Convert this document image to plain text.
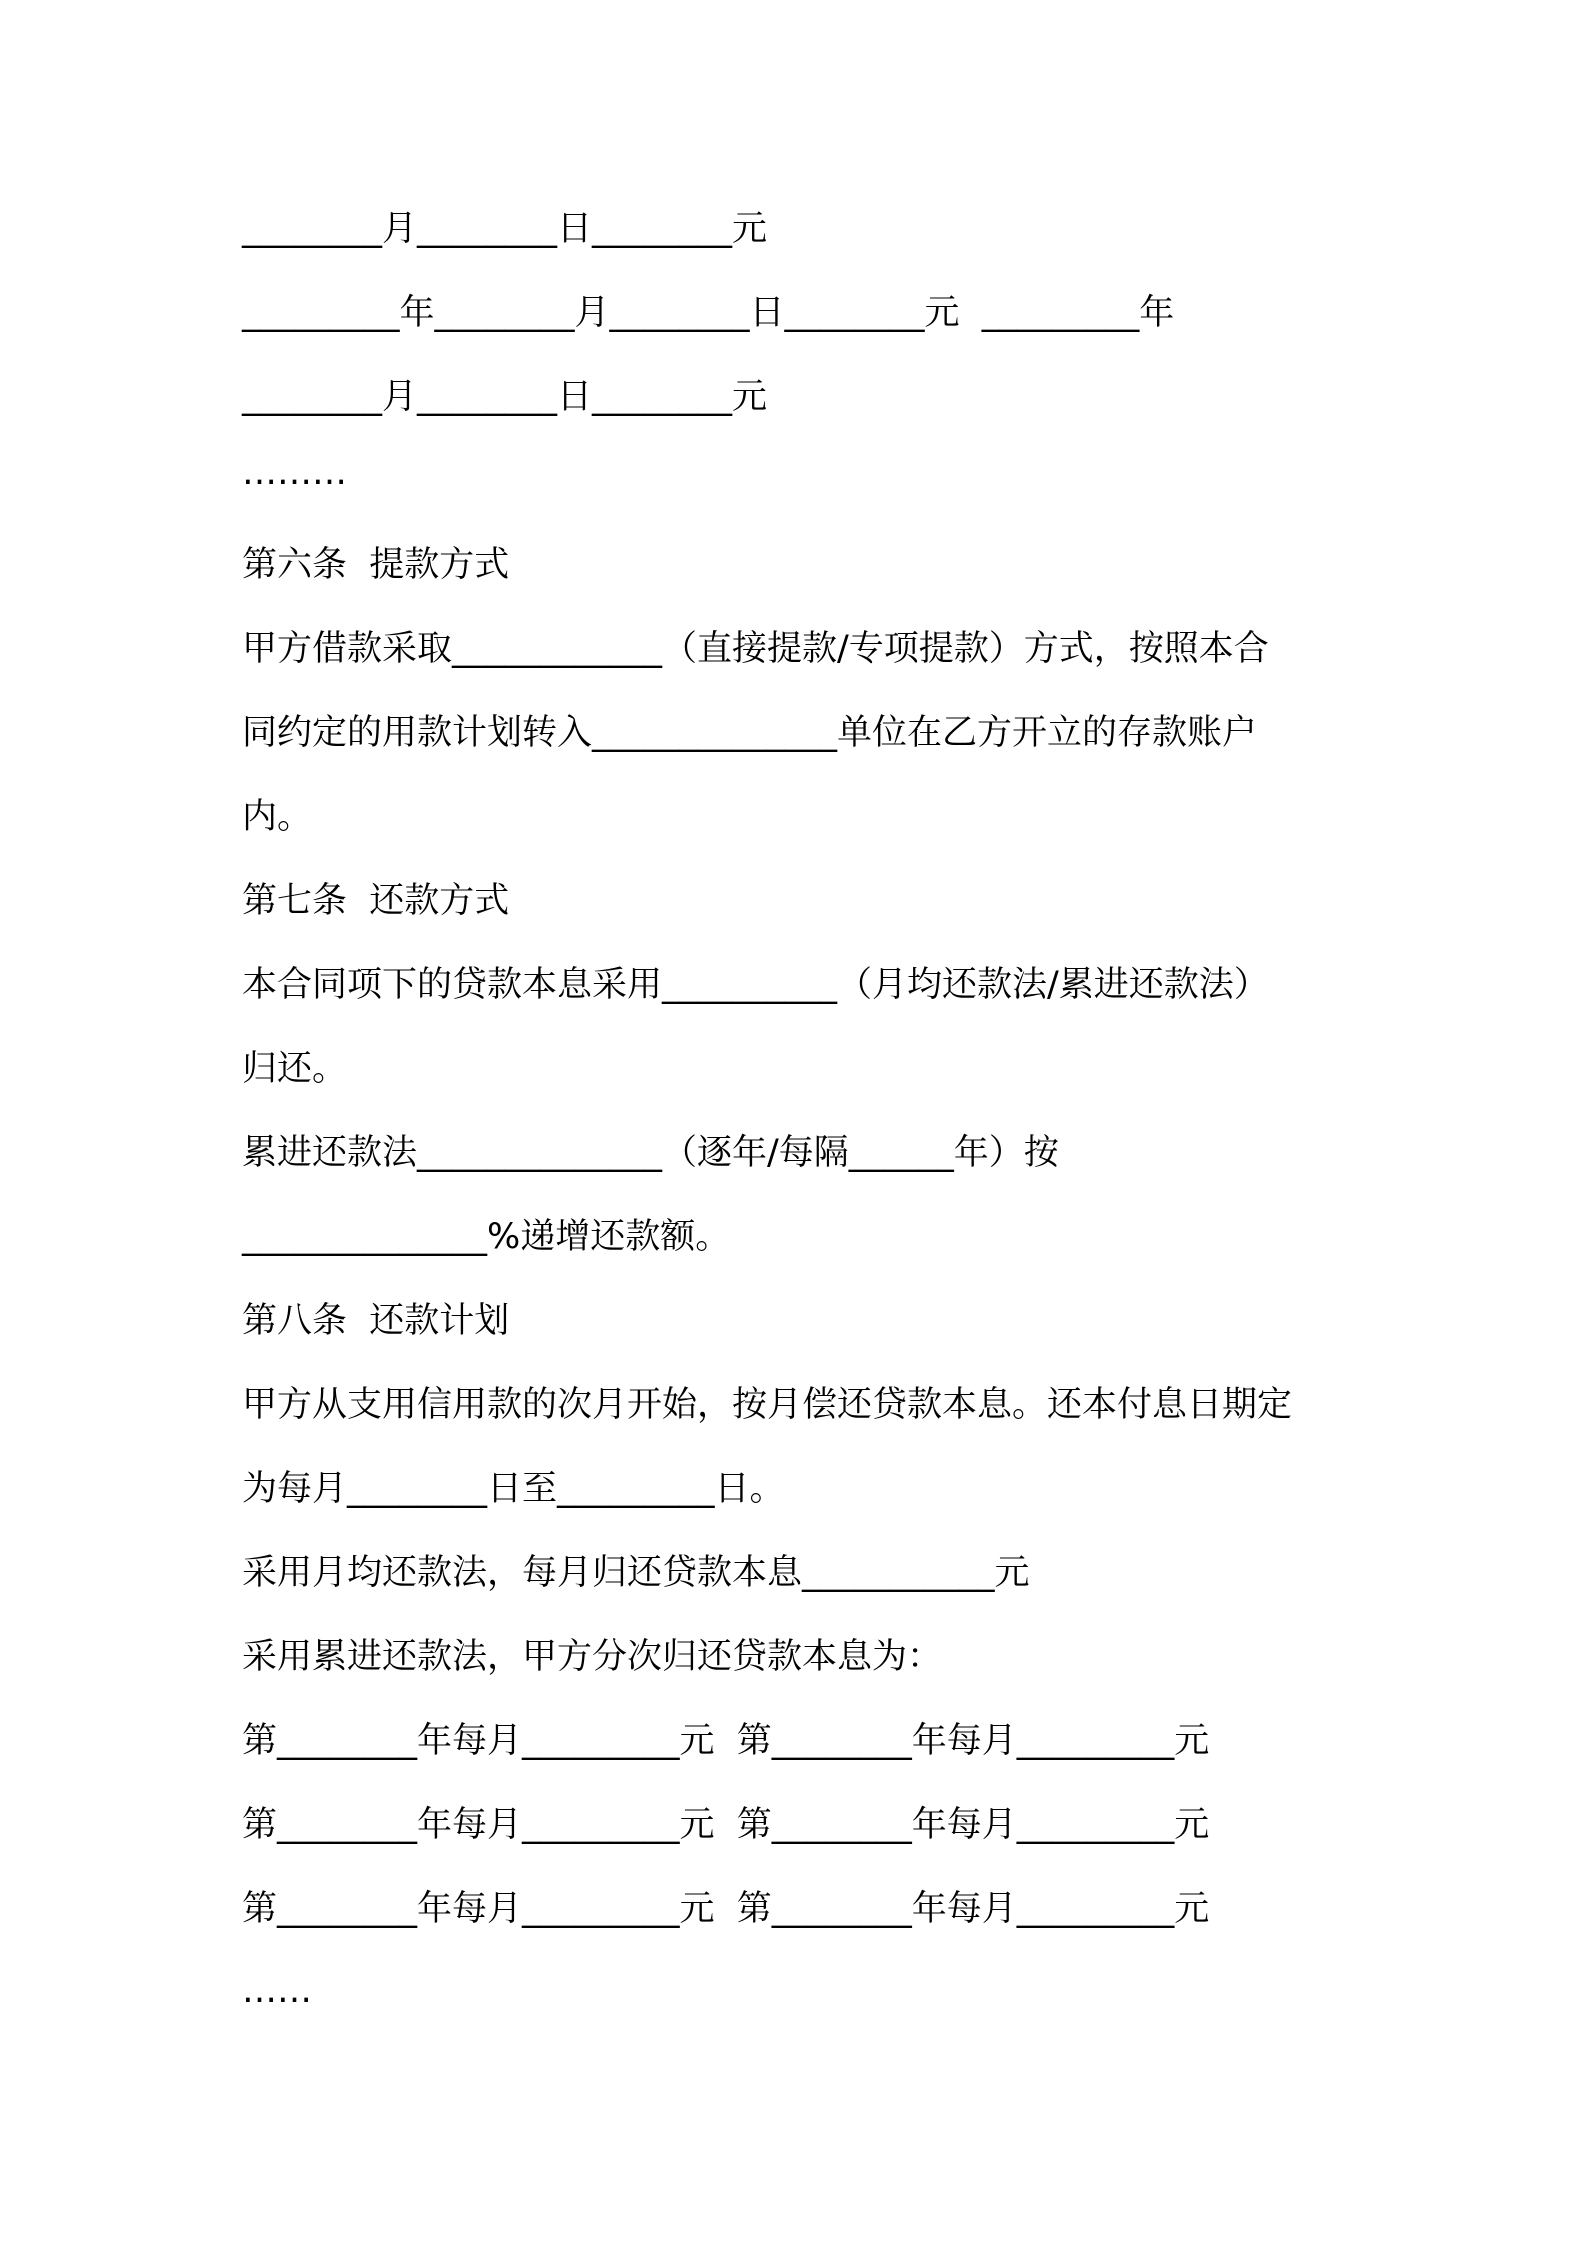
________月________日________元
_________年________月________日________元  _________年
________月________日________元
………
第六条  提款方式
甲方借款采取____________（直接提款/专项提款）方式，按照本合
同约定的用款计划转入______________单位在乙方开立的存款账户
内。
第七条  还款方式
本合同项下的贷款本息采用__________（月均还款法/累进还款法）
归还。
累进还款法______________（逐年/每隔______年）按
______________%递增还款额。
第八条  还款计划
甲方从支用信用款的次月开始，按月偿还贷款本息。还本付息日期定
为每月________日至_________日。
采用月均还款法，每月归还贷款本息___________元
采用累进还款法，甲方分次归还贷款本息为：
第________年每月_________元  第________年每月_________元
第________年每月_________元  第________年每月_________元
第________年每月_________元  第________年每月_________元
……
